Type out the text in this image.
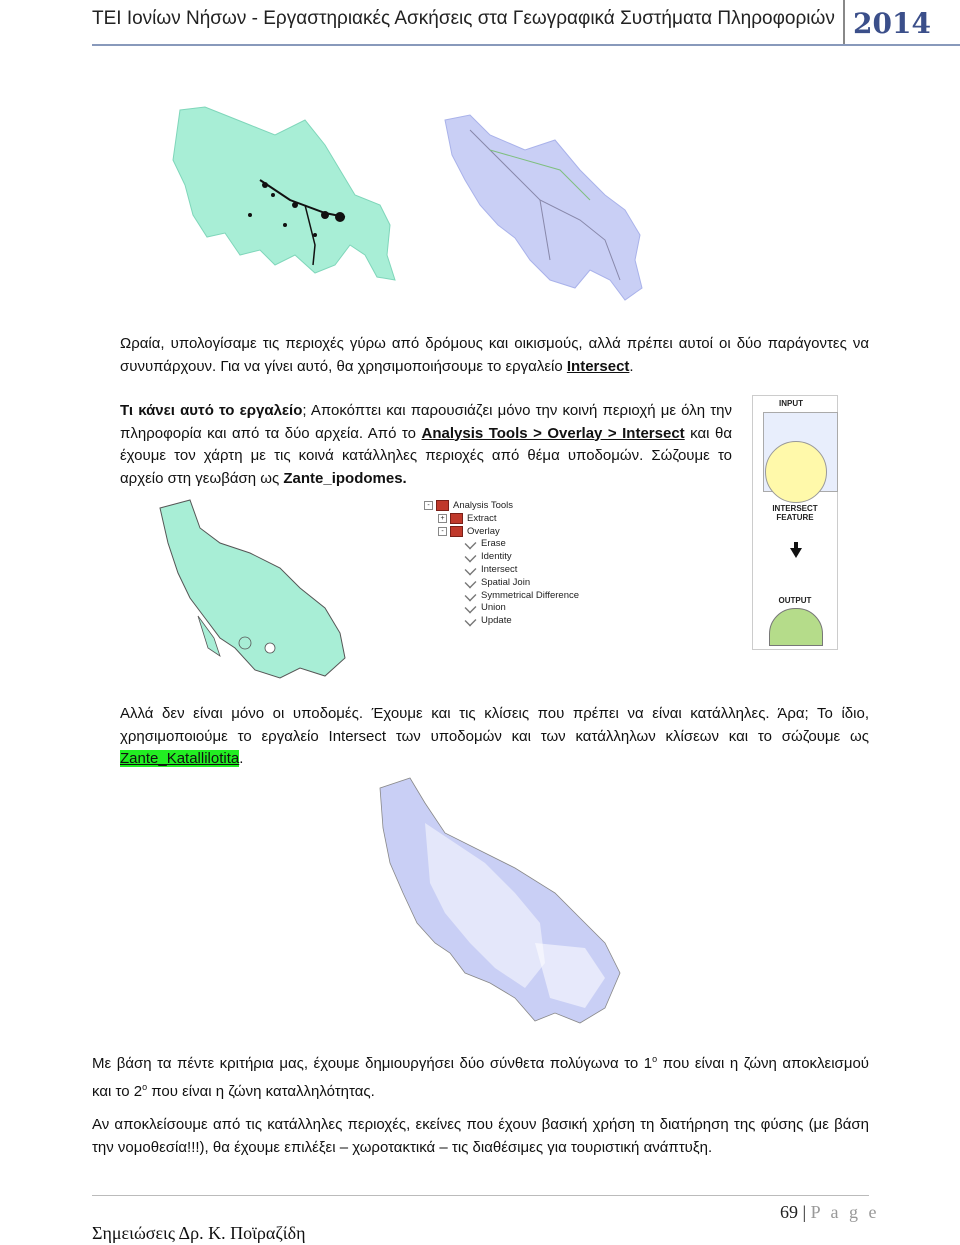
ΤΕΙ Ιονίων Νήσων - Εργαστηριακές Ασκήσεις στα Γεωγραφικά Συστήματα Πληροφοριών 2014
Ωραία, υπολογίσαμε τις περιοχές γύρω από δρόμους και οικισμούς, αλλά πρέπει αυτοί οι δύο παράγοντες να συνυπάρχουν. Για να γίνει αυτό, θα χρησιμοποιήσουμε το εργαλείο Intersect.
Τι κάνει αυτό το εργαλείο; Αποκόπτει και παρουσιάζει μόνο την κοινή περιοχή με όλη την πληροφορία και από τα δύο αρχεία. Από το Analysis Tools > Overlay > Intersect και θα έχουμε τον χάρτη με τις κοινά κατάλληλες περιοχές από θέμα υποδομών. Σώζουμε το αρχείο στη γεωβάση ως Zante_ipodomes.
INPUT
INTERSECT FEATURE
OUTPUT
- Analysis Tools
+ Extract
- Overlay
Erase
Identity
Intersect
Spatial Join
Symmetrical Difference
Union
Update
Αλλά δεν είναι μόνο οι υποδομές. Έχουμε και τις κλίσεις που πρέπει να είναι κατάλληλες. Άρα; Το ίδιο, χρησιμοποιούμε το εργαλείο Intersect των υποδομών και των κατάλληλων κλίσεων και το σώζουμε ως Zante_Katallilotita.
Με βάση τα πέντε κριτήρια μας, έχουμε δημιουργήσει δύο σύνθετα πολύγωνα το $1^o$ που είναι η ζώνη αποκλεισμού και το $2^o$ που είναι η ζώνη καταλληλότητας.
Αν αποκλείσουμε από τις κατάλληλες περιοχές, εκείνες που έχουν βασική χρήση τη διατήρηση της φύσης (με βάση την νομοθεσία!!!), θα έχουμε επιλέξει – χωροτακτικά – τις διαθέσιμες για τουριστική ανάπτυξη.
69 | P a g e
Σημειώσεις Δρ. Κ. Ποϊραζίδη
